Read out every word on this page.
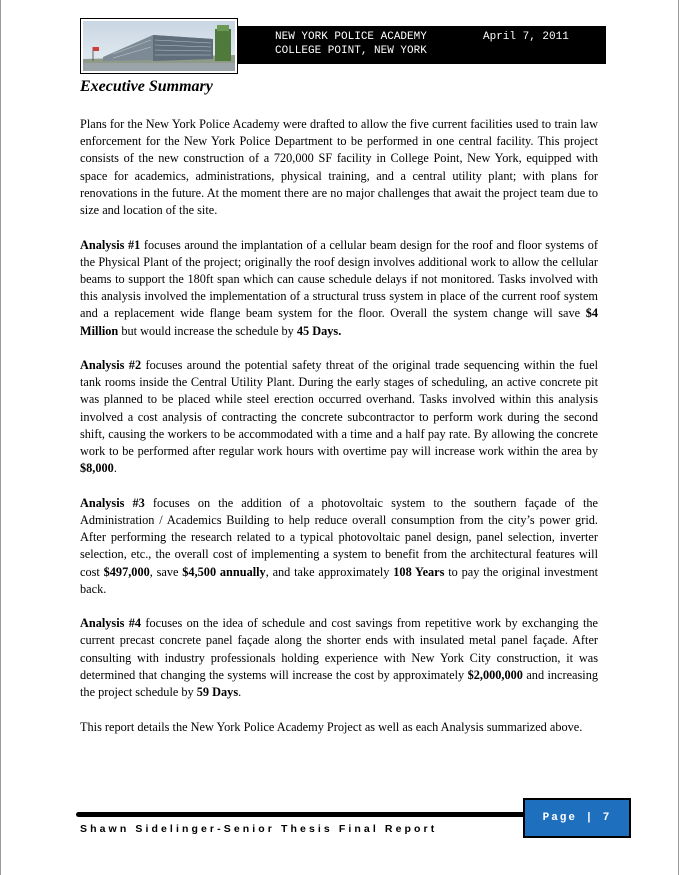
NEW YORK POLICE ACADEMY
COLLEGE POINT, NEW YORK
April 7, 2011
Executive Summary

Plans for the New York Police Academy were drafted to allow the five current facilities used to train law enforcement for the New York Police Department to be performed in one central facility. This project consists of the new construction of a 720,000 SF facility in College Point, New York, equipped with space for academics, administrations, physical training, and a central utility plant; with plans for renovations in the future. At the moment there are no major challenges that await the project team due to size and location of the site.

Analysis #1 focuses around the implantation of a cellular beam design for the roof and floor systems of the Physical Plant of the project; originally the roof design involves additional work to allow the cellular beams to support the 180ft span which can cause schedule delays if not monitored. Tasks involved with this analysis involved the implementation of a structural truss system in place of the current roof system and a replacement wide flange beam system for the floor. Overall the system change will save $4 Million but would increase the schedule by 45 Days.

Analysis #2 focuses around the potential safety threat of the original trade sequencing within the fuel tank rooms inside the Central Utility Plant. During the early stages of scheduling, an active concrete pit was planned to be placed while steel erection occurred overhand. Tasks involved within this analysis involved a cost analysis of contracting the concrete subcontractor to perform work during the second shift, causing the workers to be accommodated with a time and a half pay rate. By allowing the concrete work to be performed after regular work hours with overtime pay will increase work within the area by $8,000.

Analysis #3 focuses on the addition of a photovoltaic system to the southern façade of the Administration / Academics Building to help reduce overall consumption from the city’s power grid. After performing the research related to a typical photovoltaic panel design, panel selection, inverter selection, etc., the overall cost of implementing a system to benefit from the architectural features will cost $497,000, save $4,500 annually, and take approximately 108 Years to pay the original investment back.

Analysis #4 focuses on the idea of schedule and cost savings from repetitive work by exchanging the current precast concrete panel façade along the shorter ends with insulated metal panel façade. After consulting with industry professionals holding experience with New York City construction, it was determined that changing the systems will increase the cost by approximately $2,000,000 and increasing the project schedule by 59 Days.

This report details the New York Police Academy Project as well as each Analysis summarized above.

Shawn Sidelinger-Senior Thesis Final Report
Page | 7
